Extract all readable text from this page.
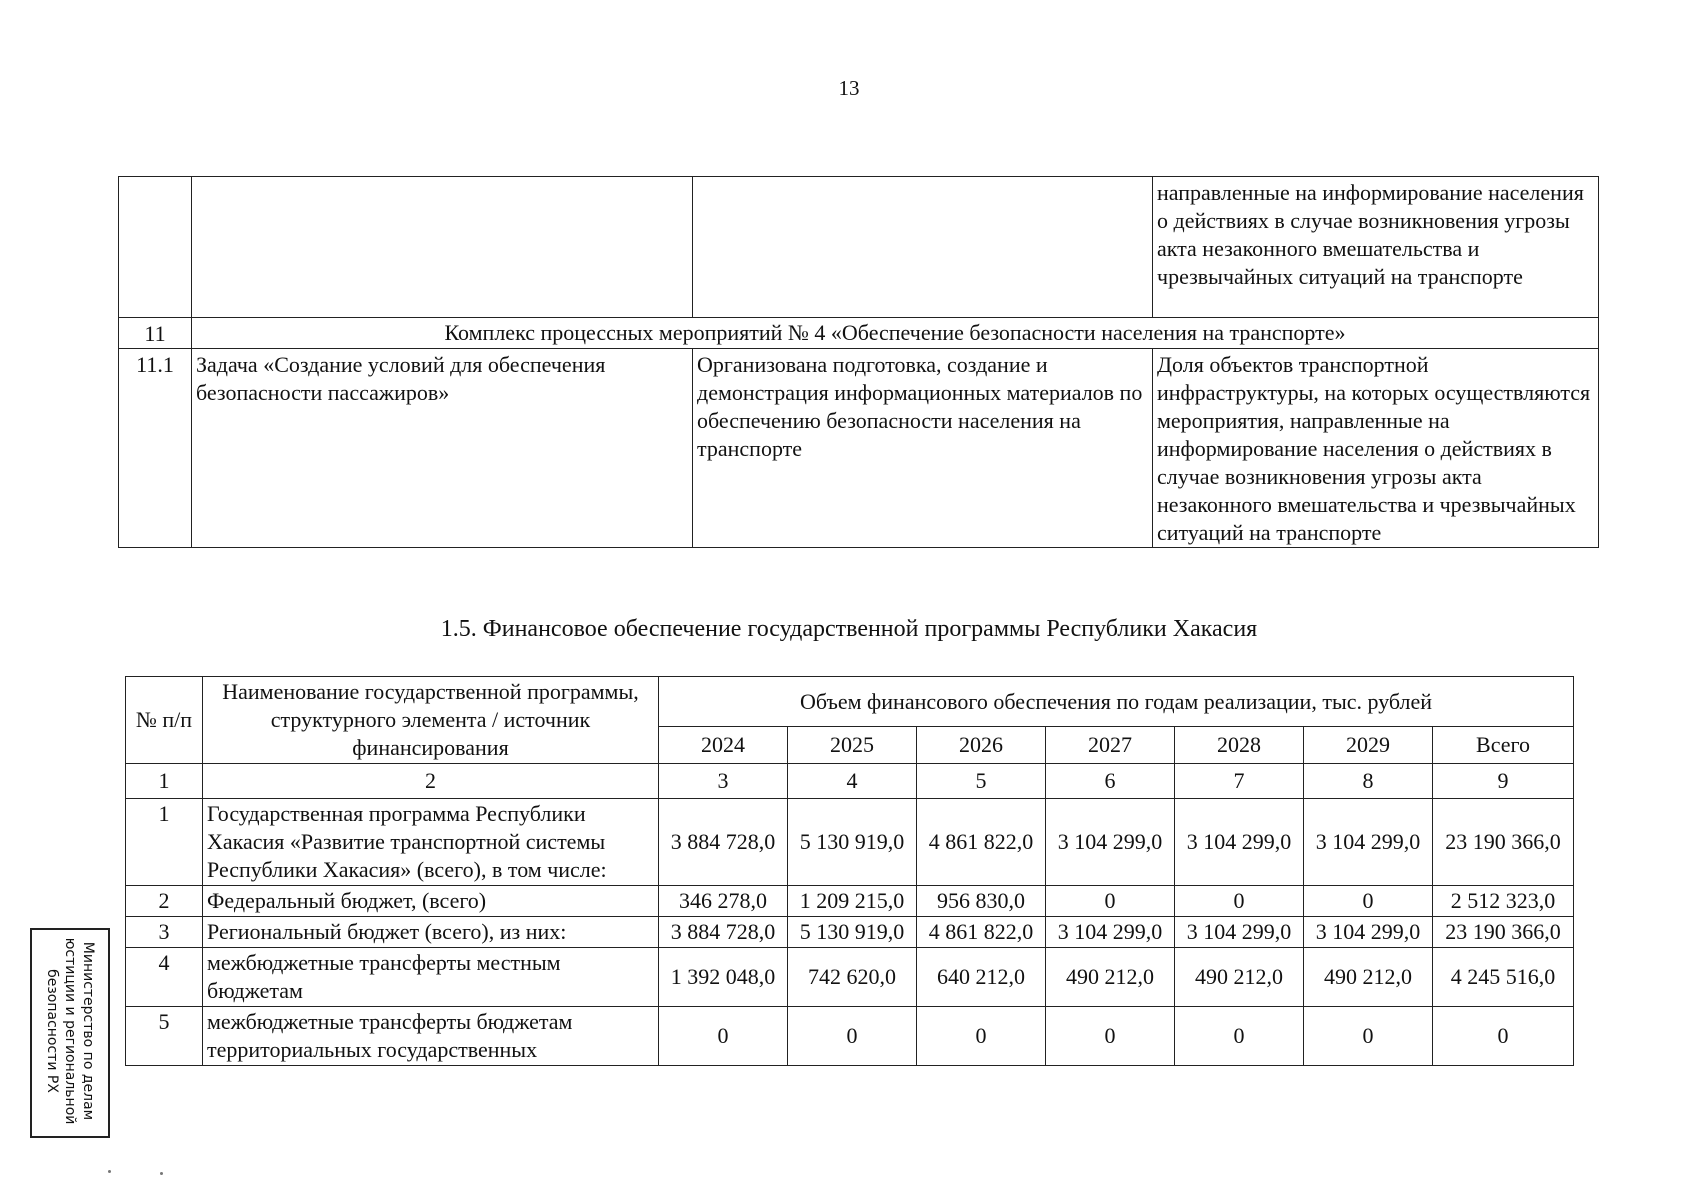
13
			направленные на информирование населения о действиях в случае возникновения угрозы акта незаконного вмешательства и чрезвычайных ситуаций на транспорте
11	Комплекс процессных мероприятий № 4 «Обеспечение безопасности населения на транспорте»		
11.1	Задача «Создание условий для обеспечения безопасности пассажиров»	Организована подготовка, создание и демонстрация информационных материалов по обеспечению безопасности населения на транспорте	Доля объектов транспортной инфраструктуры, на которых осуществляются мероприятия, направленные на информирование населения о действиях в случае возникновения угрозы акта незаконного вмешательства и чрезвычайных ситуаций на транспорте
1.5. Финансовое обеспечение государственной программы Республики Хакасия
№ п/п	Наименование государственной программы, структурного элемента / источник финансирования	Объем финансового обеспечения по годам реализации, тыс. рублей						
		2024	2025	2026	2027	2028	2029	Всего
1	2	3	4	5	6	7	8	9
1	Государственная программа Республики Хакасия «Развитие транспортной системы Республики Хакасия» (всего), в том числе:	3 884 728,0	5 130 919,0	4 861 822,0	3 104 299,0	3 104 299,0	3 104 299,0	23 190 366,0
2	Федеральный бюджет, (всего)	346 278,0	1 209 215,0	956 830,0	0	0	0	2 512 323,0
3	Региональный бюджет (всего), из них:	3 884 728,0	5 130 919,0	4 861 822,0	3 104 299,0	3 104 299,0	3 104 299,0	23 190 366,0
4	межбюджетные трансферты местным бюджетам	1 392 048,0	742 620,0	640 212,0	490 212,0	490 212,0	490 212,0	4 245 516,0
5	межбюджетные трансферты бюджетам территориальных государственных	0	0	0	0	0	0	0
Министерство по делам юстиции и региональной безопасности РХ
